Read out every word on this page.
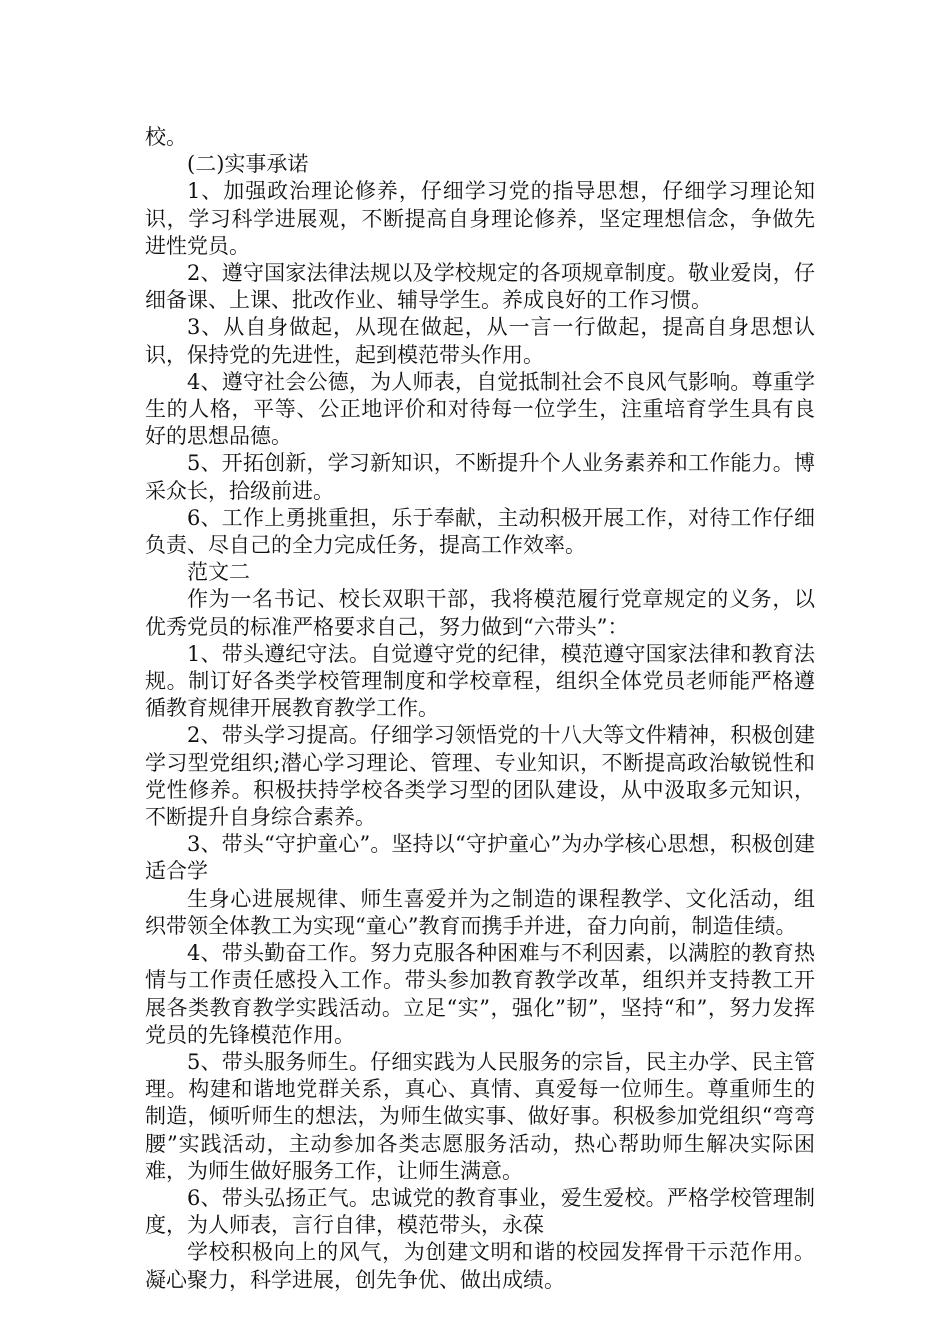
校。

(二)实事承诺

1、加强政治理论修养，仔细学习党的指导思想，仔细学习理论知识，学习科学进展观，不断提高自身理论修养，坚定理想信念，争做先进性党员。

2、遵守国家法律法规以及学校规定的各项规章制度。敬业爱岗，仔细备课、上课、批改作业、辅导学生。养成良好的工作习惯。

3、从自身做起，从现在做起，从一言一行做起，提高自身思想认识，保持党的先进性，起到模范带头作用。

4、遵守社会公德，为人师表，自觉抵制社会不良风气影响。尊重学生的人格，平等、公正地评价和对待每一位学生，注重培育学生具有良好的思想品德。

5、开拓创新，学习新知识，不断提升个人业务素养和工作能力。博采众长，拾级前进。

6、工作上勇挑重担，乐于奉献，主动积极开展工作，对待工作仔细负责、尽自己的全力完成任务，提高工作效率。

范文二

作为一名书记、校长双职干部，我将模范履行党章规定的义务，以优秀党员的标准严格要求自己，努力做到“六带头”：

1、带头遵纪守法。自觉遵守党的纪律，模范遵守国家法律和教育法规。制订好各类学校管理制度和学校章程，组织全体党员老师能严格遵循教育规律开展教育教学工作。

2、带头学习提高。仔细学习领悟党的十八大等文件精神，积极创建学习型党组织;潜心学习理论、管理、专业知识，不断提高政治敏锐性和党性修养。积极扶持学校各类学习型的团队建设，从中汲取多元知识，不断提升自身综合素养。

3、带头“守护童心”。坚持以“守护童心”为办学核心思想，积极创建适合学

生身心进展规律、师生喜爱并为之制造的课程教学、文化活动，组织带领全体教工为实现“童心”教育而携手并进，奋力向前，制造佳绩。

4、带头勤奋工作。努力克服各种困难与不利因素，以满腔的教育热情与工作责任感投入工作。带头参加教育教学改革，组织并支持教工开展各类教育教学实践活动。立足“实”，强化”韧”，坚持“和”，努力发挥党员的先锋模范作用。

5、带头服务师生。仔细实践为人民服务的宗旨，民主办学、民主管理。构建和谐地党群关系，真心、真情、真爱每一位师生。尊重师生的制造，倾听师生的想法，为师生做实事、做好事。积极参加党组织“弯弯腰”实践活动，主动参加各类志愿服务活动，热心帮助师生解决实际困难，为师生做好服务工作，让师生满意。

6、带头弘扬正气。忠诚党的教育事业，爱生爱校。严格学校管理制度，为人师表，言行自律，模范带头，永葆

学校积极向上的风气，为创建文明和谐的校园发挥骨干示范作用。凝心聚力，科学进展，创先争优、做出成绩。
